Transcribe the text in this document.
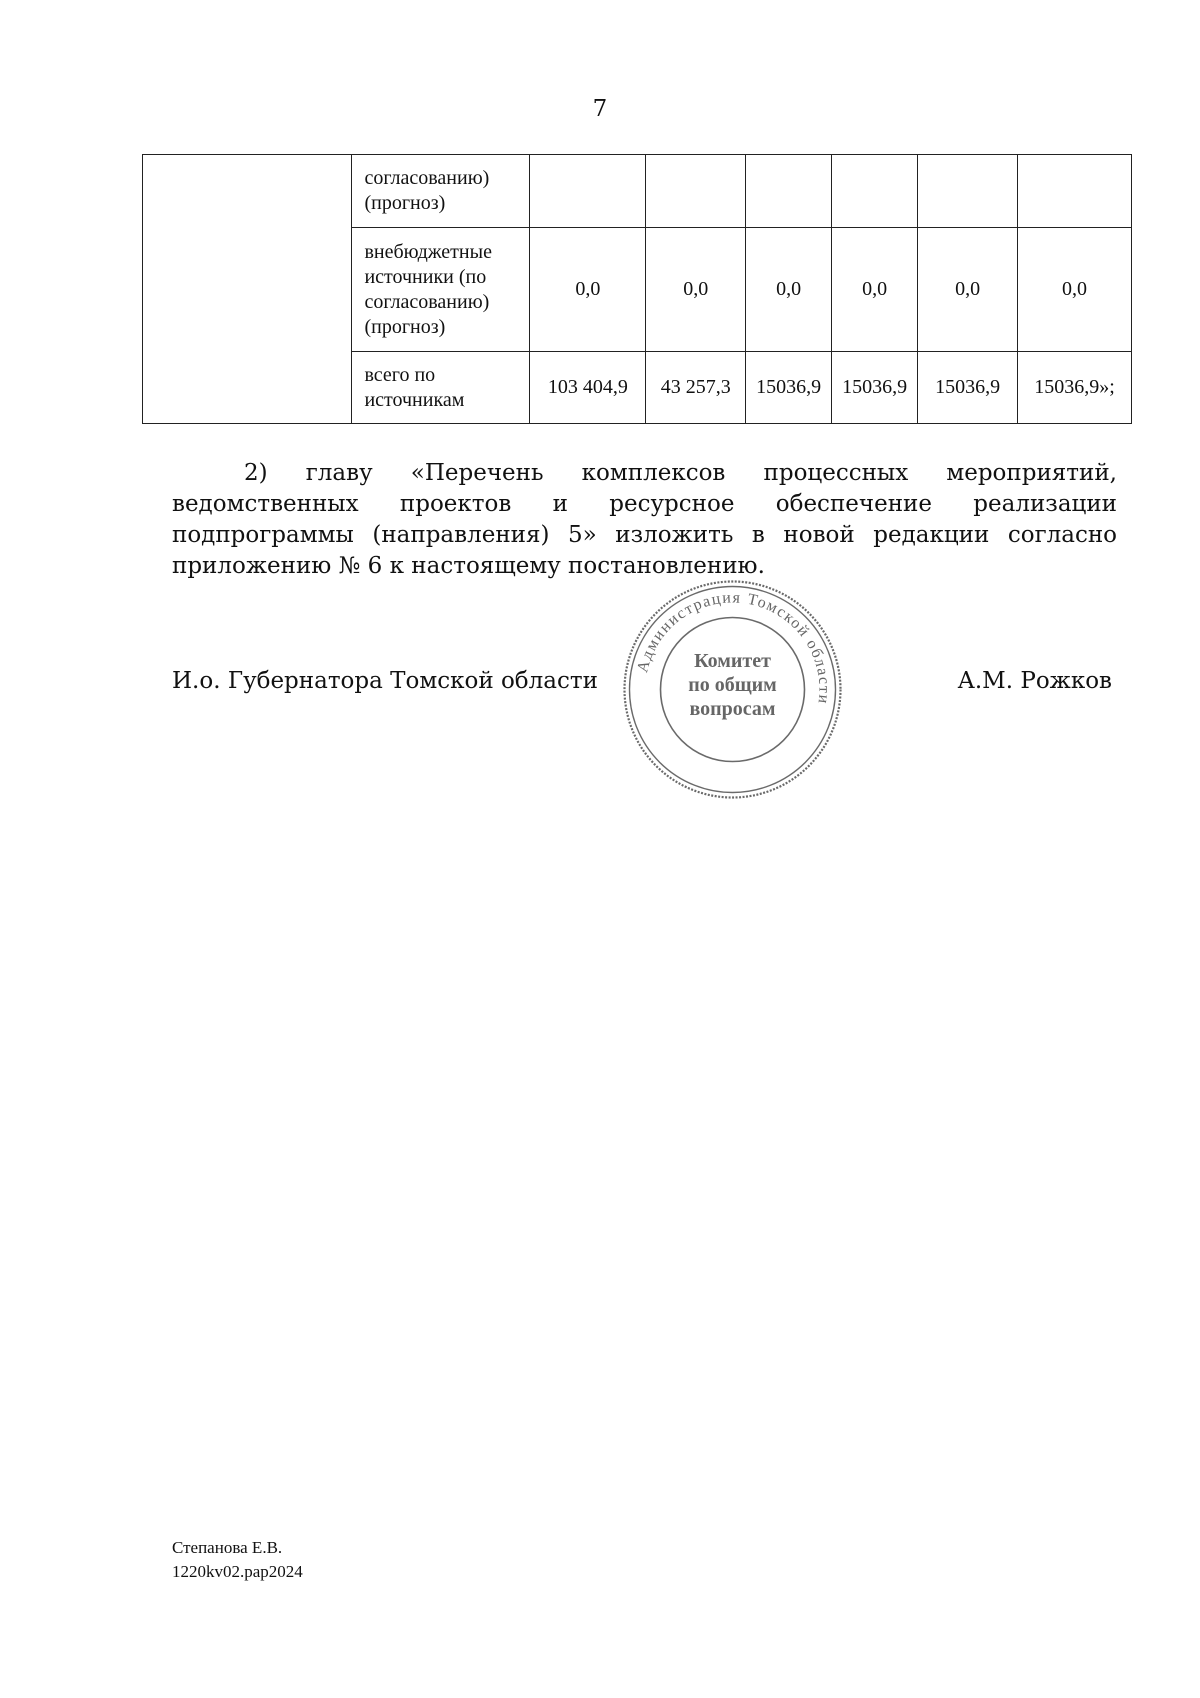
7

	согласованию)
(прогноз)						

	внебюджетные
источники (по
согласованию)
(прогноз)	0,0	0,0	0,0	0,0	0,0	0,0

	всего по
источникам	103 404,9	43 257,3	15036,9	15036,9	15036,9	15036,9»;
2) главу «Перечень комплексов процессных мероприятий, ведомственных проектов и ресурсное обеспечение реализации подпрограммы (направления) 5» изложить в новой редакции согласно приложению № 6 к настоящему постановлению.
И.о. Губернатора Томской области
Администрация Томской области
Комитет
по общим
вопросам
А.М. Рожков
Степанова Е.В.
1220kv02.pap2024
